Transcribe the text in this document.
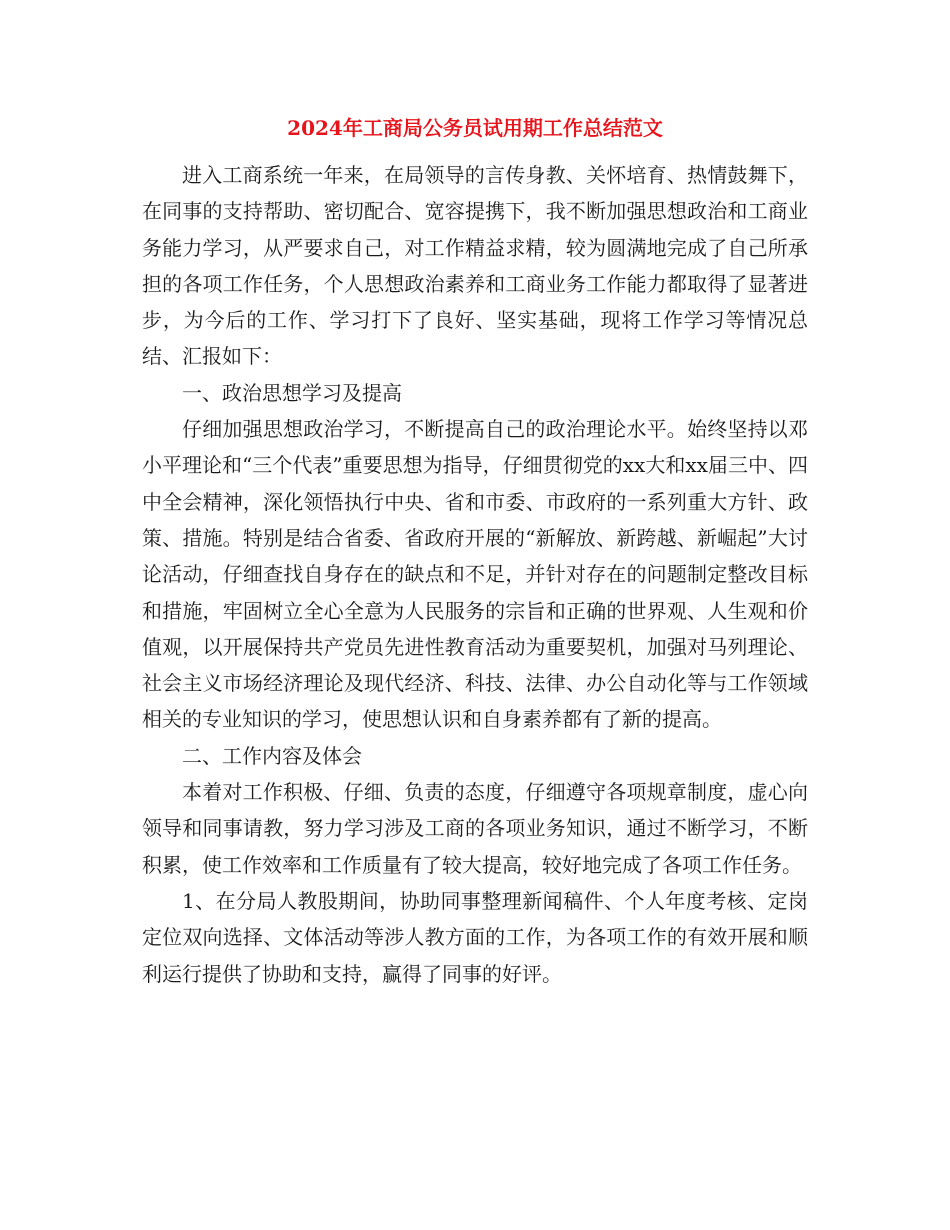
2024年工商局公务员试用期工作总结范文

进入工商系统一年来，在局领导的言传身教、关怀培育、热情鼓舞下，在同事的支持帮助、密切配合、宽容提携下，我不断加强思想政治和工商业务能力学习，从严要求自己，对工作精益求精，较为圆满地完成了自己所承担的各项工作任务，个人思想政治素养和工商业务工作能力都取得了显著进步，为今后的工作、学习打下了良好、坚实基础，现将工作学习等情况总结、汇报如下：

一、政治思想学习及提高

仔细加强思想政治学习，不断提高自己的政治理论水平。始终坚持以邓小平理论和“三个代表”重要思想为指导，仔细贯彻党的xx大和xx届三中、四中全会精神，深化领悟执行中央、省和市委、市政府的一系列重大方针、政策、措施。特别是结合省委、省政府开展的“新解放、新跨越、新崛起”大讨论活动，仔细查找自身存在的缺点和不足，并针对存在的问题制定整改目标和措施，牢固树立全心全意为人民服务的宗旨和正确的世界观、人生观和价值观，以开展保持共产党员先进性教育活动为重要契机，加强对马列理论、社会主义市场经济理论及现代经济、科技、法律、办公自动化等与工作领域相关的专业知识的学习，使思想认识和自身素养都有了新的提高。

二、工作内容及体会

本着对工作积极、仔细、负责的态度，仔细遵守各项规章制度，虚心向领导和同事请教，努力学习涉及工商的各项业务知识，通过不断学习，不断积累，使工作效率和工作质量有了较大提高，较好地完成了各项工作任务。

1、在分局人教股期间，协助同事整理新闻稿件、个人年度考核、定岗定位双向选择、文体活动等涉人教方面的工作，为各项工作的有效开展和顺利运行提供了协助和支持，赢得了同事的好评。
